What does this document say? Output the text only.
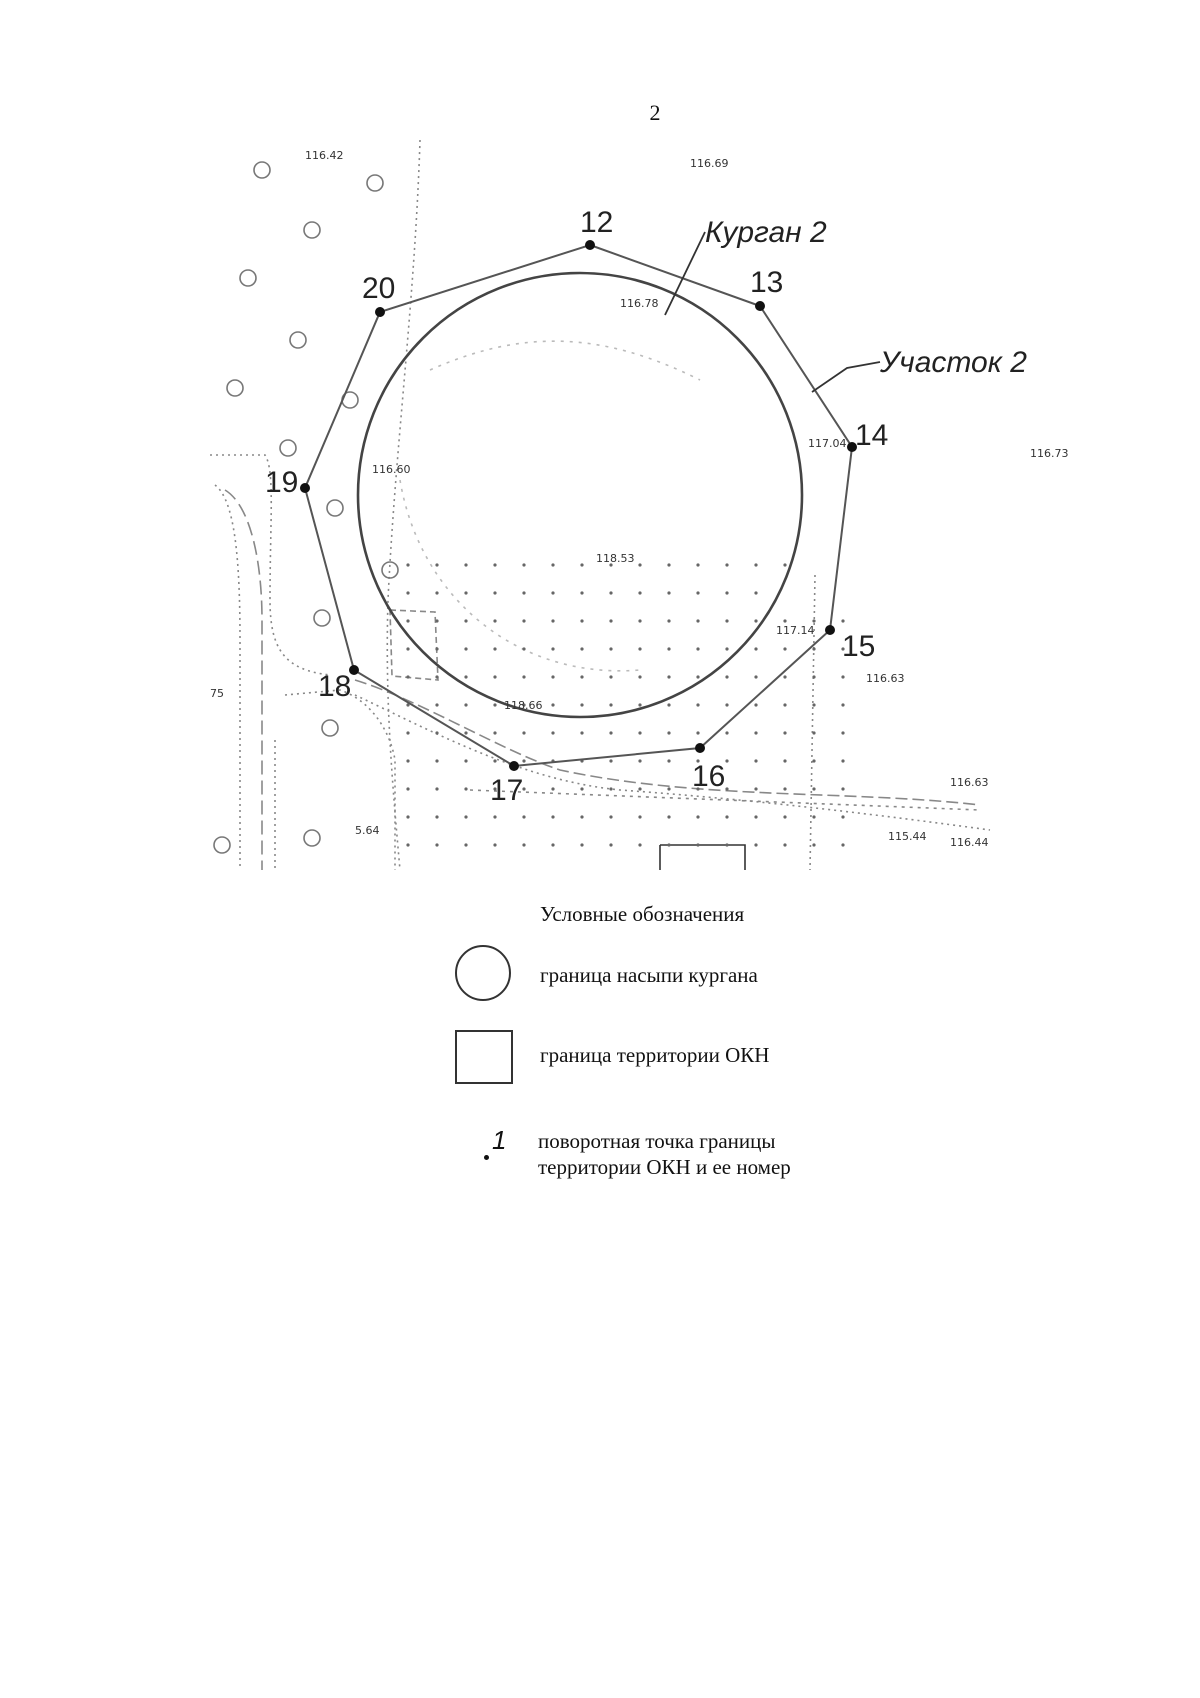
2
12
13
14
15
16
17
18
19
20
Курган 2
Участок 2
116.42
116.69
116.78
117.04
116.73
116.60
118.53
117.14
116.63
118.66
116.63
115.44 116.44
5.64
75
Условные обозначения
граница насыпи кургана
граница территории ОКН
1 поворотная точка границы
территории ОКН и ее номер
